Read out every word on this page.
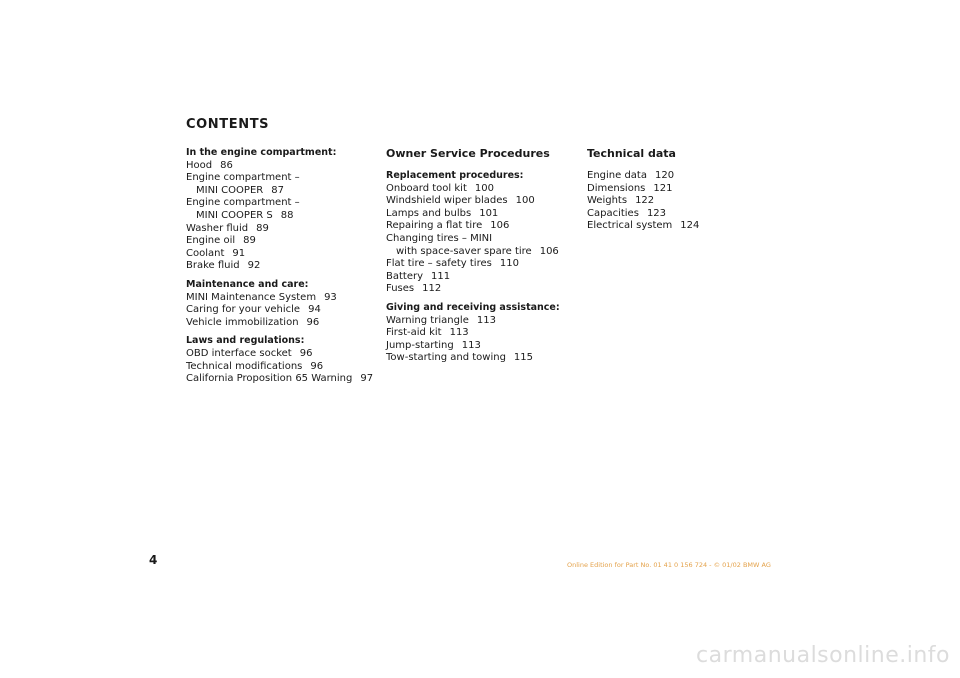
CONTENTS
In the engine compartment:
Hood 86
Engine compartment –
MINI COOPER 87
Engine compartment –
MINI COOPER S 88
Washer fluid 89
Engine oil 89
Coolant 91
Brake fluid 92
Maintenance and care:
MINI Maintenance System 93
Caring for your vehicle 94
Vehicle immobilization 96
Laws and regulations:
OBD interface socket 96
Technical modifications 96
California Proposition 65 Warning 97
Owner Service Procedures
Replacement procedures:
Onboard tool kit 100
Windshield wiper blades 100
Lamps and bulbs 101
Repairing a flat tire 106
Changing tires – MINI
with space-saver spare tire 106
Flat tire – safety tires 110
Battery 111
Fuses 112
Giving and receiving assistance:
Warning triangle 113
First-aid kit 113
Jump-starting 113
Tow-starting and towing 115
Technical data
Engine data 120
Dimensions 121
Weights 122
Capacities 123
Electrical system 124
4	Online Edition for Part No. 01 41 0 156 724 - © 01/02 BMW AG
carmanualsonline.info
